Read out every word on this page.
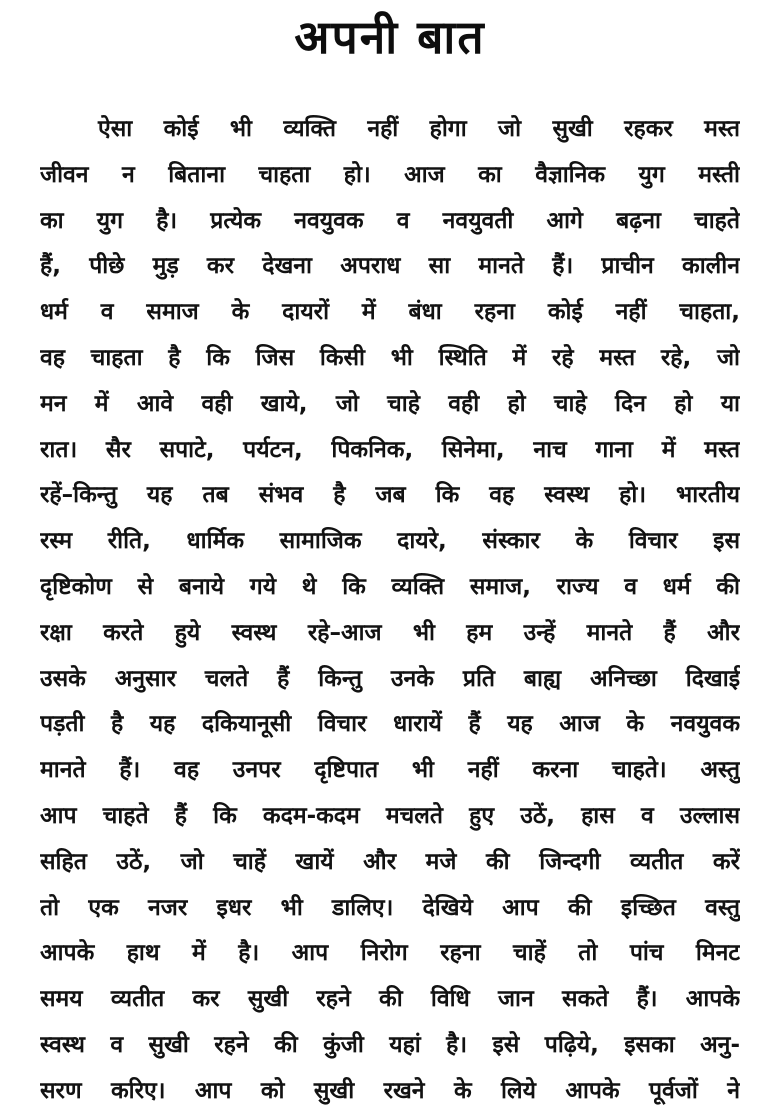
अपनी बात
ऐसा कोई भी व्यक्ति नहीं होगा जो सुखी रहकर मस्त
जीवन न बिताना चाहता हो। आज का वैज्ञानिक युग मस्ती
का युग है। प्रत्येक नवयुवक व नवयुवती आगे बढ़ना चाहते
हैं, पीछे मुड़ कर देखना अपराध सा मानते हैं। प्राचीन कालीन
धर्म व समाज के दायरों में बंधा रहना कोई नहीं चाहता,
वह चाहता है कि जिस किसी भी स्थिति में रहे मस्त रहे, जो
मन में आवे वही खाये, जो चाहे वही हो चाहे दिन हो या
रात। सैर सपाटे, पर्यटन, पिकनिक, सिनेमा, नाच गाना में मस्त
रहें–किन्तु यह तब संभव है जब कि वह स्वस्थ हो। भारतीय
रस्म रीति, धार्मिक सामाजिक दायरे, संस्कार के विचार इस
दृष्टिकोण से बनाये गये थे कि व्यक्ति समाज, राज्य व धर्म की
रक्षा करते हुये स्वस्थ रहे–आज भी हम उन्हें मानते हैं और
उसके अनुसार चलते हैं किन्तु उनके प्रति बाह्य अनिच्छा दिखाई
पड़ती है यह दकियानूसी विचार धारायें हैं यह आज के नवयुवक
मानते हैं। वह उनपर दृष्टिपात भी नहीं करना चाहते। अस्तु
आप चाहते हैं कि कदम-कदम मचलते हुए उठें, हास व उल्लास
सहित उठें, जो चाहें खायें और मजे की जिन्दगी व्यतीत करें
तो एक नजर इधर भी डालिए। देखिये आप की इच्छित वस्तु
आपके हाथ में है। आप निरोग रहना चाहें तो पांच मिनट
समय व्यतीत कर सुखी रहने की विधि जान सकते हैं। आपके
स्वस्थ व सुखी रहने की कुंजी यहां है। इसे पढ़िये, इसका अनु-
सरण करिए। आप को सुखी रखने के लिये आपके पूर्वजों ने
